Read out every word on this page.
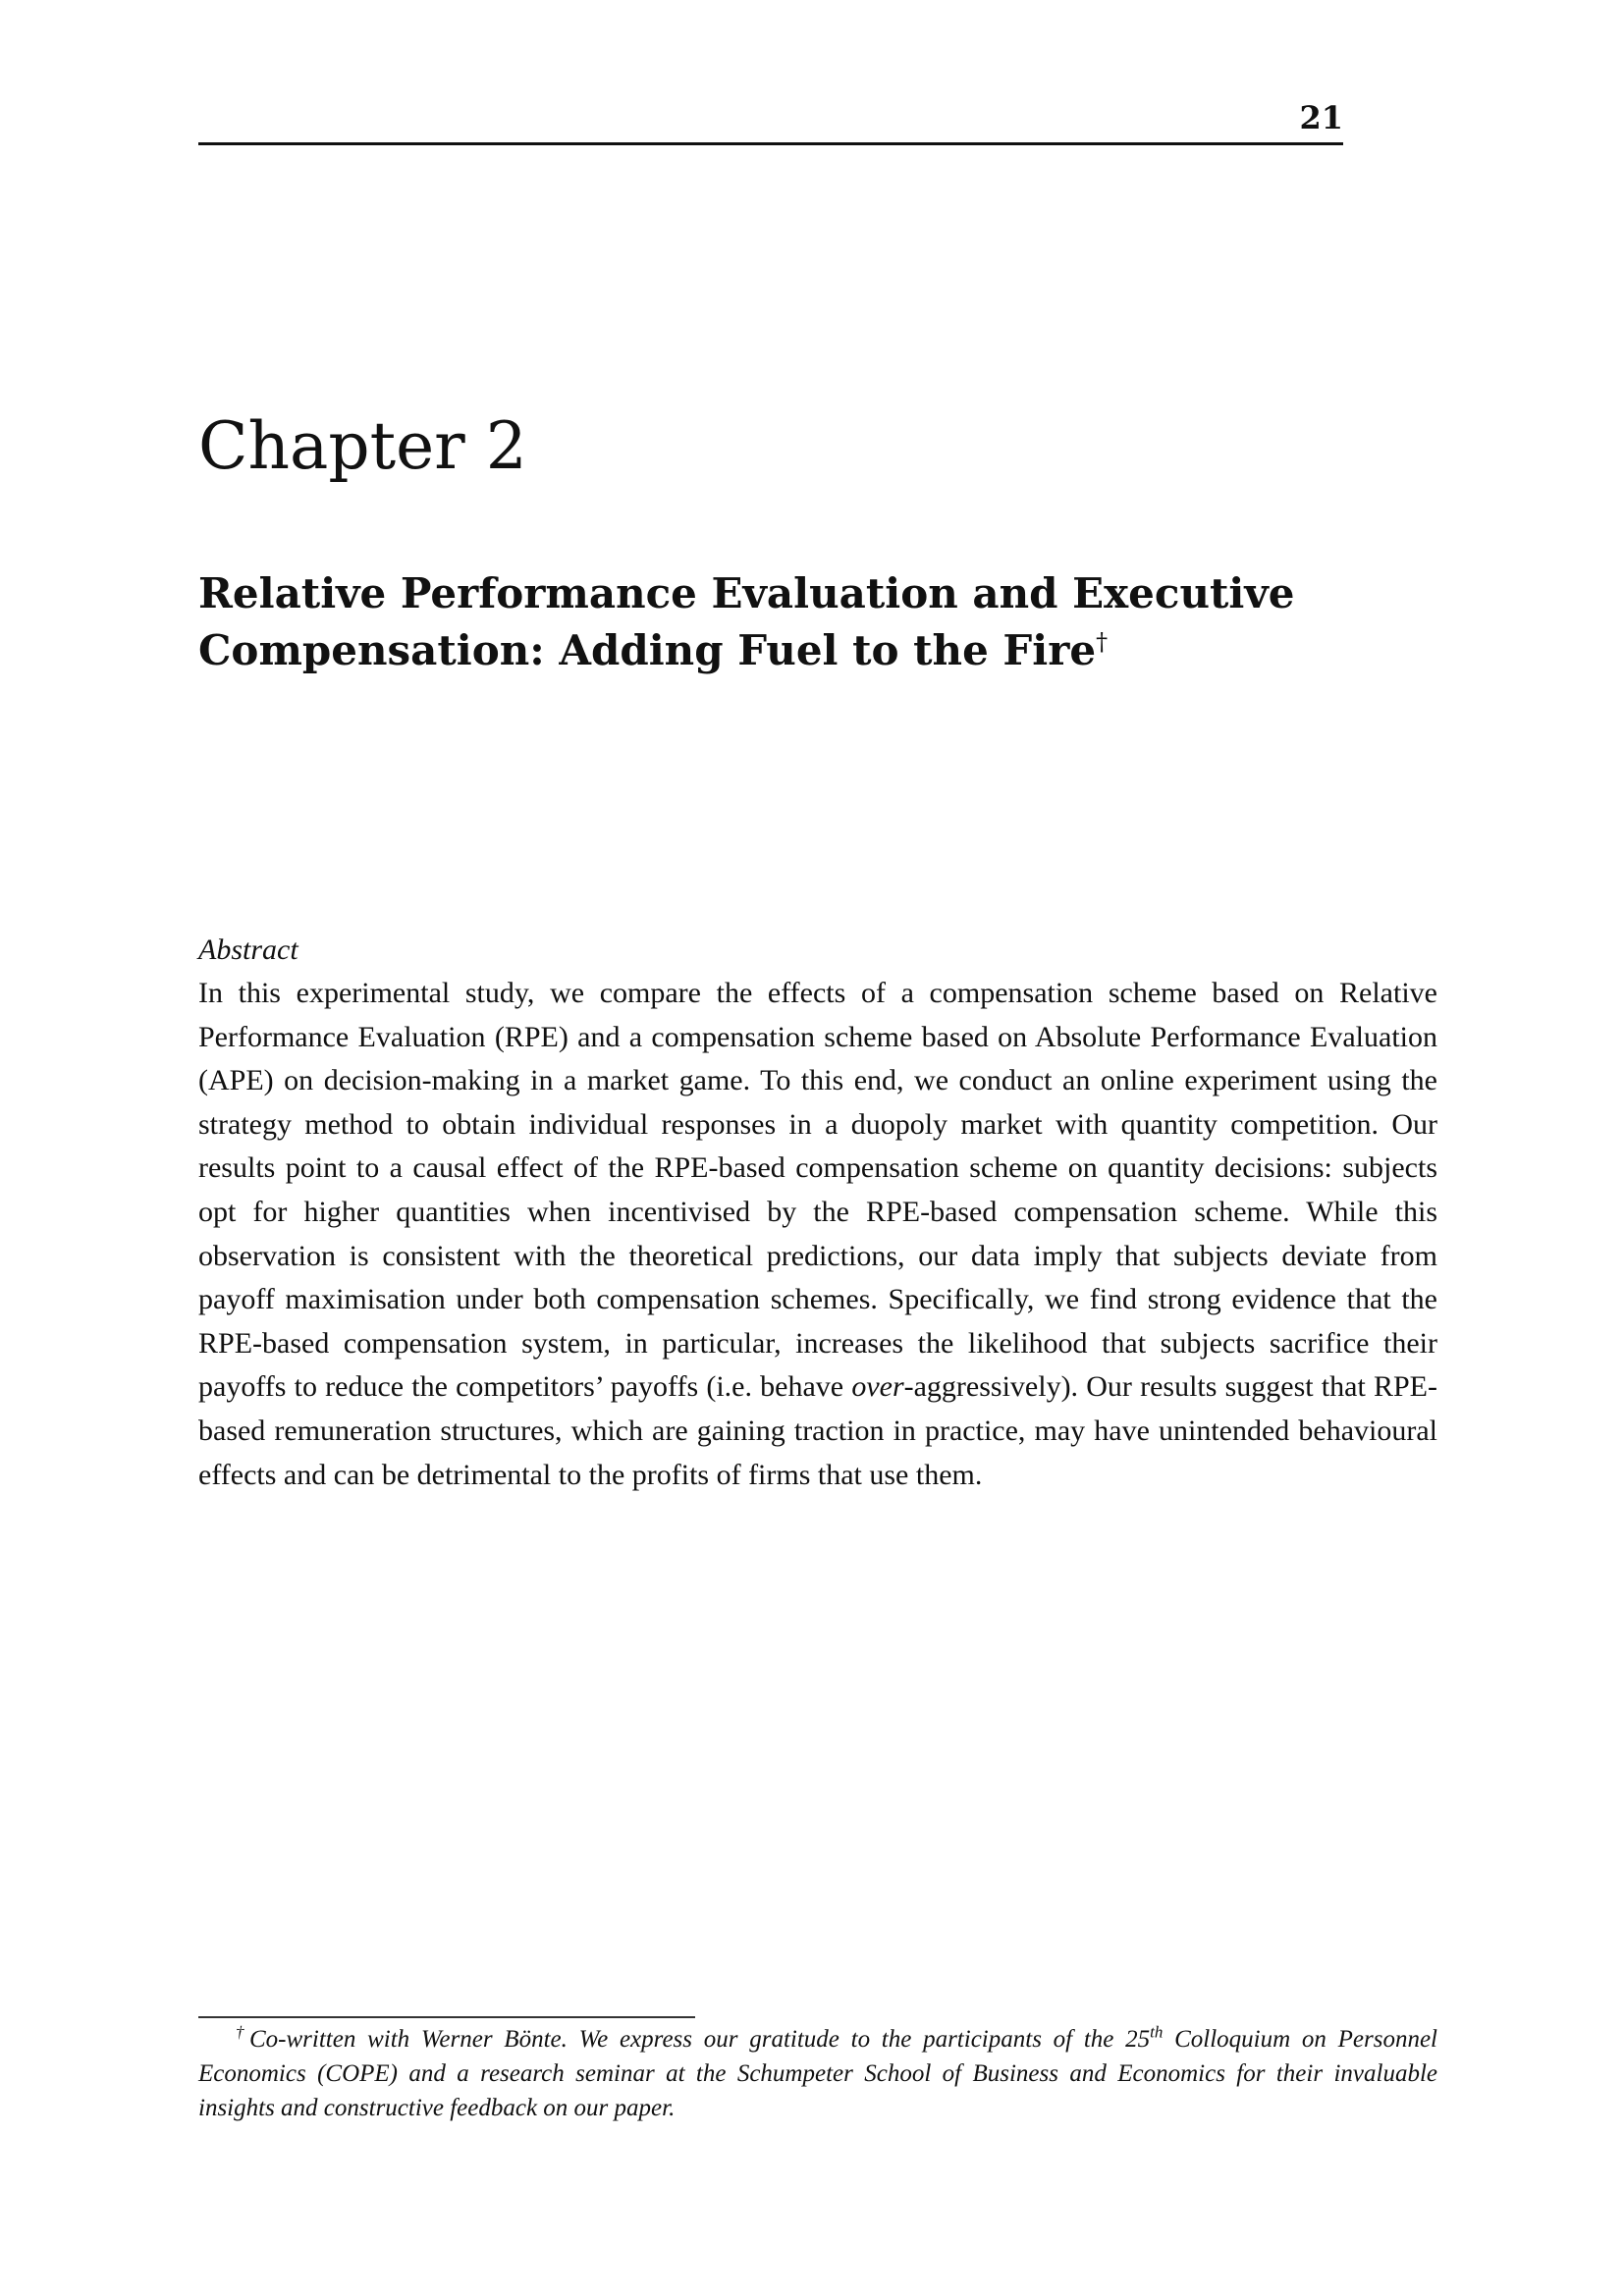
21
Chapter 2
Relative Performance Evaluation and Executive Compensation: Adding Fuel to the Fire†
Abstract

In this experimental study, we compare the effects of a compensation scheme based on Relative Performance Evaluation (RPE) and a compensation scheme based on Absolute Performance Evaluation (APE) on decision-making in a market game. To this end, we conduct an online experiment using the strategy method to obtain individual responses in a duopoly market with quantity competition. Our results point to a causal effect of the RPE-based compensation scheme on quantity decisions: subjects opt for higher quantities when incentivised by the RPE-based compensation scheme. While this observation is consistent with the theoretical predictions, our data imply that subjects deviate from payoff maximisation under both compensation schemes. Specifically, we find strong evidence that the RPE-based compensation system, in particular, increases the likelihood that subjects sacrifice their payoffs to reduce the competitors’ payoffs (i.e. behave over-aggressively). Our results suggest that RPE-based remuneration structures, which are gaining traction in practice, may have unintended behavioural effects and can be detrimental to the profits of firms that use them.

†Co-written with Werner Bönte. We express our gratitude to the participants of the 25th Colloquium on Personnel Economics (COPE) and a research seminar at the Schumpeter School of Business and Economics for their invaluable insights and constructive feedback on our paper.
